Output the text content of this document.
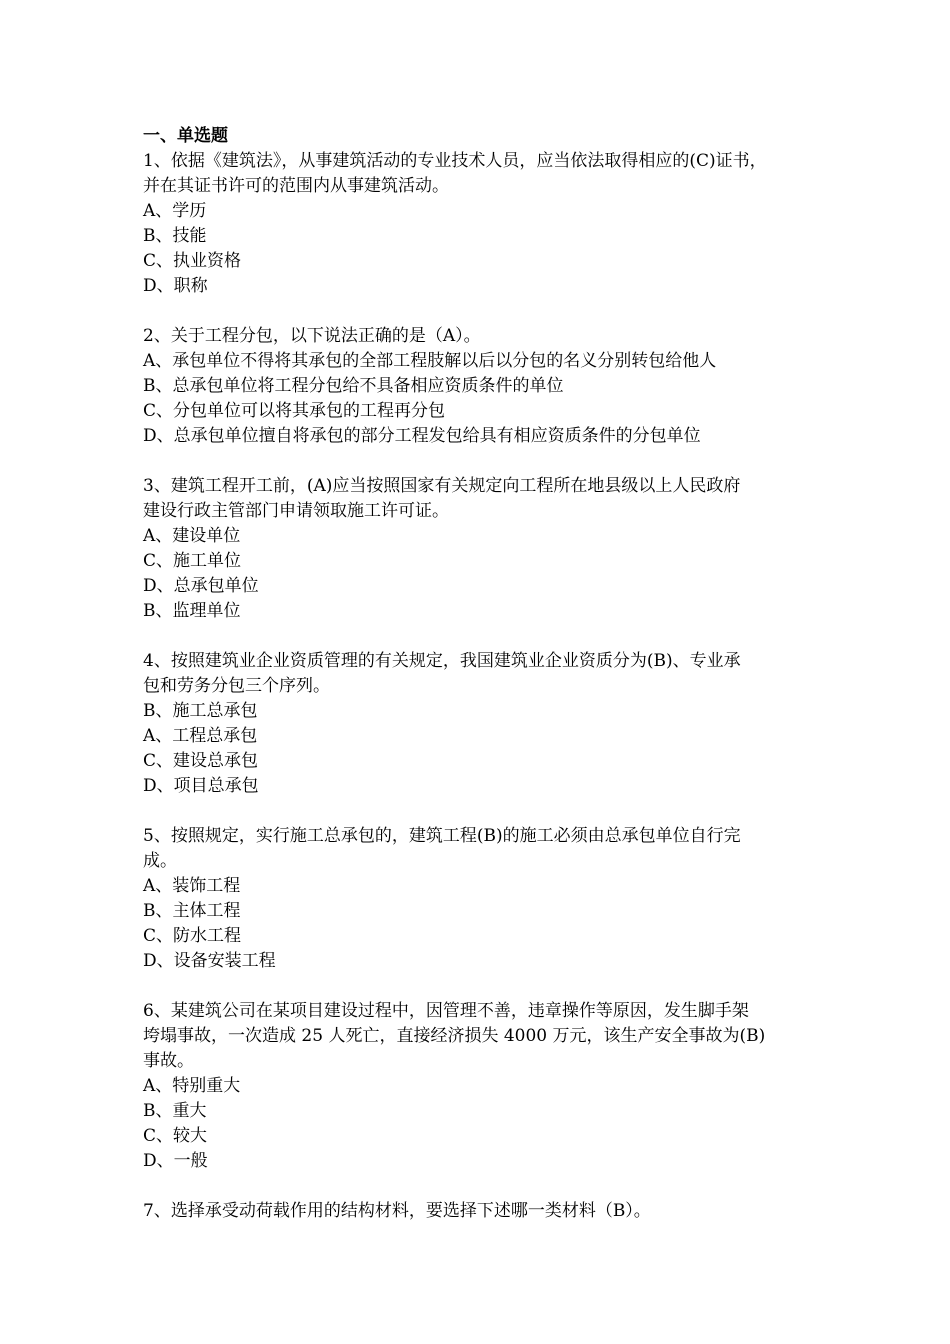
一、单选题

1、依据《建筑法》，从事建筑活动的专业技术人员，应当依法取得相应的(C)证书，

并在其证书许可的范围内从事建筑活动。

A、学历

B、技能

C、执业资格

D、职称

2、关于工程分包，以下说法正确的是（A）。

A、承包单位不得将其承包的全部工程肢解以后以分包的名义分别转包给他人

B、总承包单位将工程分包给不具备相应资质条件的单位

C、分包单位可以将其承包的工程再分包

D、总承包单位擅自将承包的部分工程发包给具有相应资质条件的分包单位

3、建筑工程开工前，(A)应当按照国家有关规定向工程所在地县级以上人民政府

建设行政主管部门申请领取施工许可证。

A、建设单位

C、施工单位

D、总承包单位

B、监理单位

4、按照建筑业企业资质管理的有关规定，我国建筑业企业资质分为(B)、专业承

包和劳务分包三个序列。

B、施工总承包

A、工程总承包

C、建设总承包

D、项目总承包

5、按照规定，实行施工总承包的，建筑工程(B)的施工必须由总承包单位自行完

成。

A、装饰工程

B、主体工程

C、防水工程

D、设备安装工程

6、某建筑公司在某项目建设过程中，因管理不善，违章操作等原因，发生脚手架

垮塌事故，一次造成 25 人死亡，直接经济损失 4000 万元，该生产安全事故为(B)

事故。

A、特别重大

B、重大

C、较大

D、一般

7、选择承受动荷载作用的结构材料，要选择下述哪一类材料（B）。
